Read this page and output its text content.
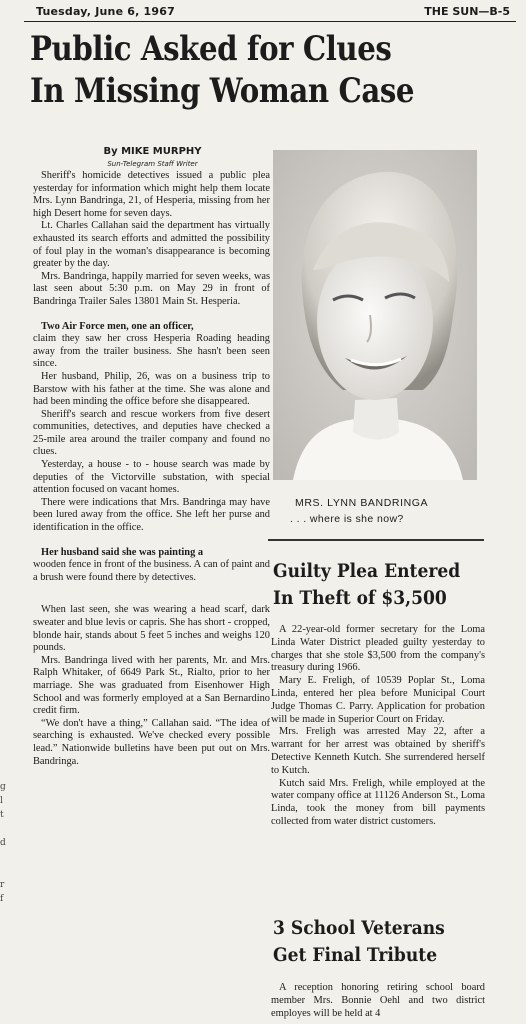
Tuesday, June 6, 1967	THE SUN—B-5
Public Asked for Clues
In Missing Woman Case
By MIKE MURPHY
Sun-Telegram Staff Writer

Sheriff's homicide detectives issued a public plea yesterday for information which might help them locate Mrs. Lynn Bandringa, 21, of Hesperia, missing from her high Desert home for seven days.

Lt. Charles Callahan said the department has virtually exhausted its search efforts and admitted the possibility of foul play in the woman's disappearance is becoming greater by the day.

Mrs. Bandringa, happily married for seven weeks, was last seen about 5:30 p.m. on May 29 in front of Bandringa Trailer Sales 13801 Main St. Hesperia.

Two Air Force men, one an officer,

claim they saw her cross Hesperia Roading heading away from the trailer business. She hasn't been seen since.

Her husband, Philip, 26, was on a business trip to Barstow with his father at the time. She was alone and had been minding the office before she disappeared.

Sheriff's search and rescue workers from five desert communities, detectives, and deputies have checked a 25-mile area around the trailer company and found no clues.

Yesterday, a house - to - house search was made by deputies of the Victorville substation, with special attention focused on vacant homes.

There were indications that Mrs. Bandringa may have been lured away from the office. She left her purse and identification in the office.

Her husband said she was painting a

wooden fence in front of the business. A can of paint and a brush were found there by detectives.

When last seen, she was wearing a head scarf, dark sweater and blue levis or capris. She has short - cropped, blonde hair, stands about 5 feet 5 inches and weighs 120 pounds.

Mrs. Bandringa lived with her parents, Mr. and Mrs. Ralph Whitaker, of 6649 Park St., Rialto, prior to her marriage. She was graduated from Eisenhower High School and was formerly employed at a San Bernardino credit firm.

“We don't have a thing,” Callahan said. “The idea of searching is exhausted. We've checked every possible lead.” Nationwide bulletins have been put out on Mrs. Bandringa.

MRS. LYNN BANDRINGA
. . . where is she now?
Guilty Plea Entered
In Theft of $3,500

A 22-year-old former secretary for the Loma Linda Water District pleaded guilty yesterday to charges that she stole $3,500 from the company's treasury during 1966.

Mary E. Freligh, of 10539 Poplar St., Loma Linda, entered her plea before Municipal Court Judge Thomas C. Parry. Application for probation will be made in Superior Court on Friday.

Mrs. Freligh was arrested May 22, after a warrant for her arrest was obtained by sheriff's Detective Kenneth Kutch. She surrendered herself to Kutch.

Kutch said Mrs. Freligh, while employed at the water company office at 11126 Anderson St., Loma Linda, took the money from bill payments collected from water district customers.

3 School Veterans
Get Final Tribute

A reception honoring retiring school board member Mrs. Bonnie Oehl and two district employes will be held at 4

g
l
t
d
r
f
